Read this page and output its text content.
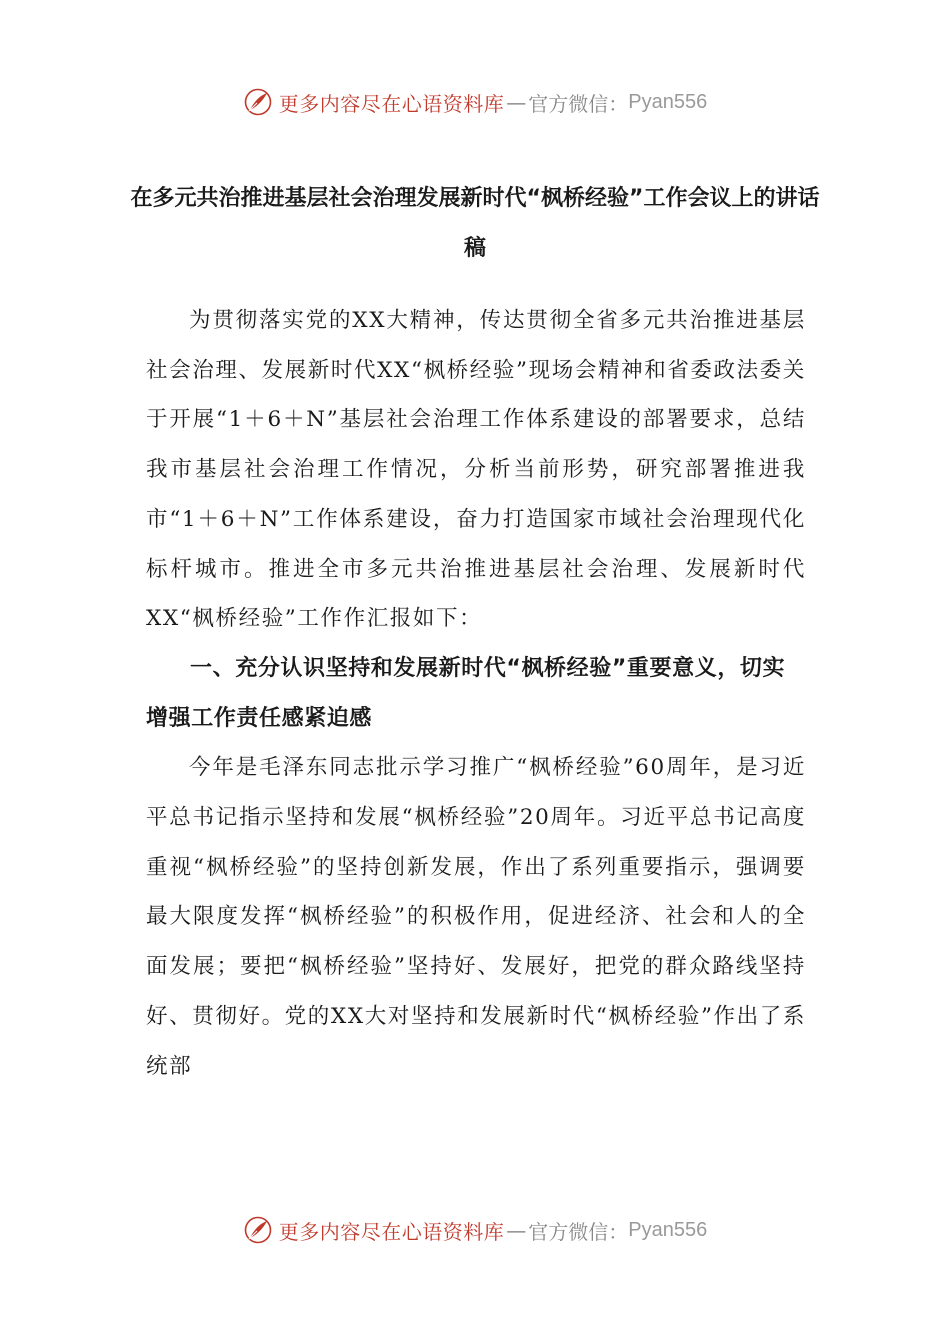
更多内容尽在心语资料库 — 官方微信： Pyan556
在多元共治推进基层社会治理发展新时代“枫桥经验”工作会议上的讲话稿

为贯彻落实党的XX大精神，传达贯彻全省多元共治推进基层社会治理、发展新时代XX“枫桥经验”现场会精神和省委政法委关于开展“1＋6＋N”基层社会治理工作体系建设的部署要求，总结我市基层社会治理工作情况，分析当前形势，研究部署推进我市“1＋6＋N”工作体系建设，奋力打造国家市域社会治理现代化标杆城市。推进全市多元共治推进基层社会治理、发展新时代XX“枫桥经验”工作作汇报如下：

一、充分认识坚持和发展新时代“枫桥经验”重要意义，切实增强工作责任感紧迫感

今年是毛泽东同志批示学习推广“枫桥经验”60周年，是习近平总书记指示坚持和发展“枫桥经验”20周年。习近平总书记高度重视“枫桥经验”的坚持创新发展，作出了系列重要指示，强调要最大限度发挥“枫桥经验”的积极作用，促进经济、社会和人的全面发展；要把“枫桥经验”坚持好、发展好，把党的群众路线坚持好、贯彻好。党的XX大对坚持和发展新时代“枫桥经验”作出了系统部

更多内容尽在心语资料库 — 官方微信： Pyan556
